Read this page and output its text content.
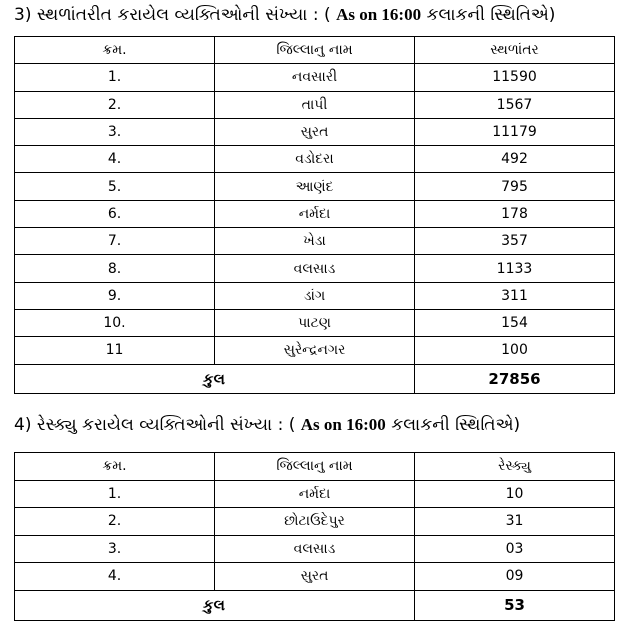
3) સ્થળાંતરીત કરાયેલ વ્યક્તિઓની સંખ્યા : ( As on 16:00 કલાકની સ્થિતિએ)
ક્રમ.	જિલ્લાનુ નામ	સ્થળાંતર
1.	નવસારી	11590
2.	તાપી	1567
3.	સુરત	11179
4.	વડોદરા	492
5.	આણંદ	795
6.	નર્મદા	178
7.	ખેડા	357
8.	વલસાડ	1133
9.	ડાંગ	311
10.	પાટણ	154
11	સુરેન્દ્રનગર	100
કુલ		27856
4) રેસ્ક્યુ કરાયેલ વ્યક્તિઓની સંખ્યા : ( As on 16:00 કલાકની સ્થિતિએ)
ક્રમ.	જિલ્લાનુ નામ	રેસ્ક્યુ
1.	નર્મદા	10
2.	છોટાઉદેપુર	31
3.	વલસાડ	03
4.	સુરત	09
કુલ		53
